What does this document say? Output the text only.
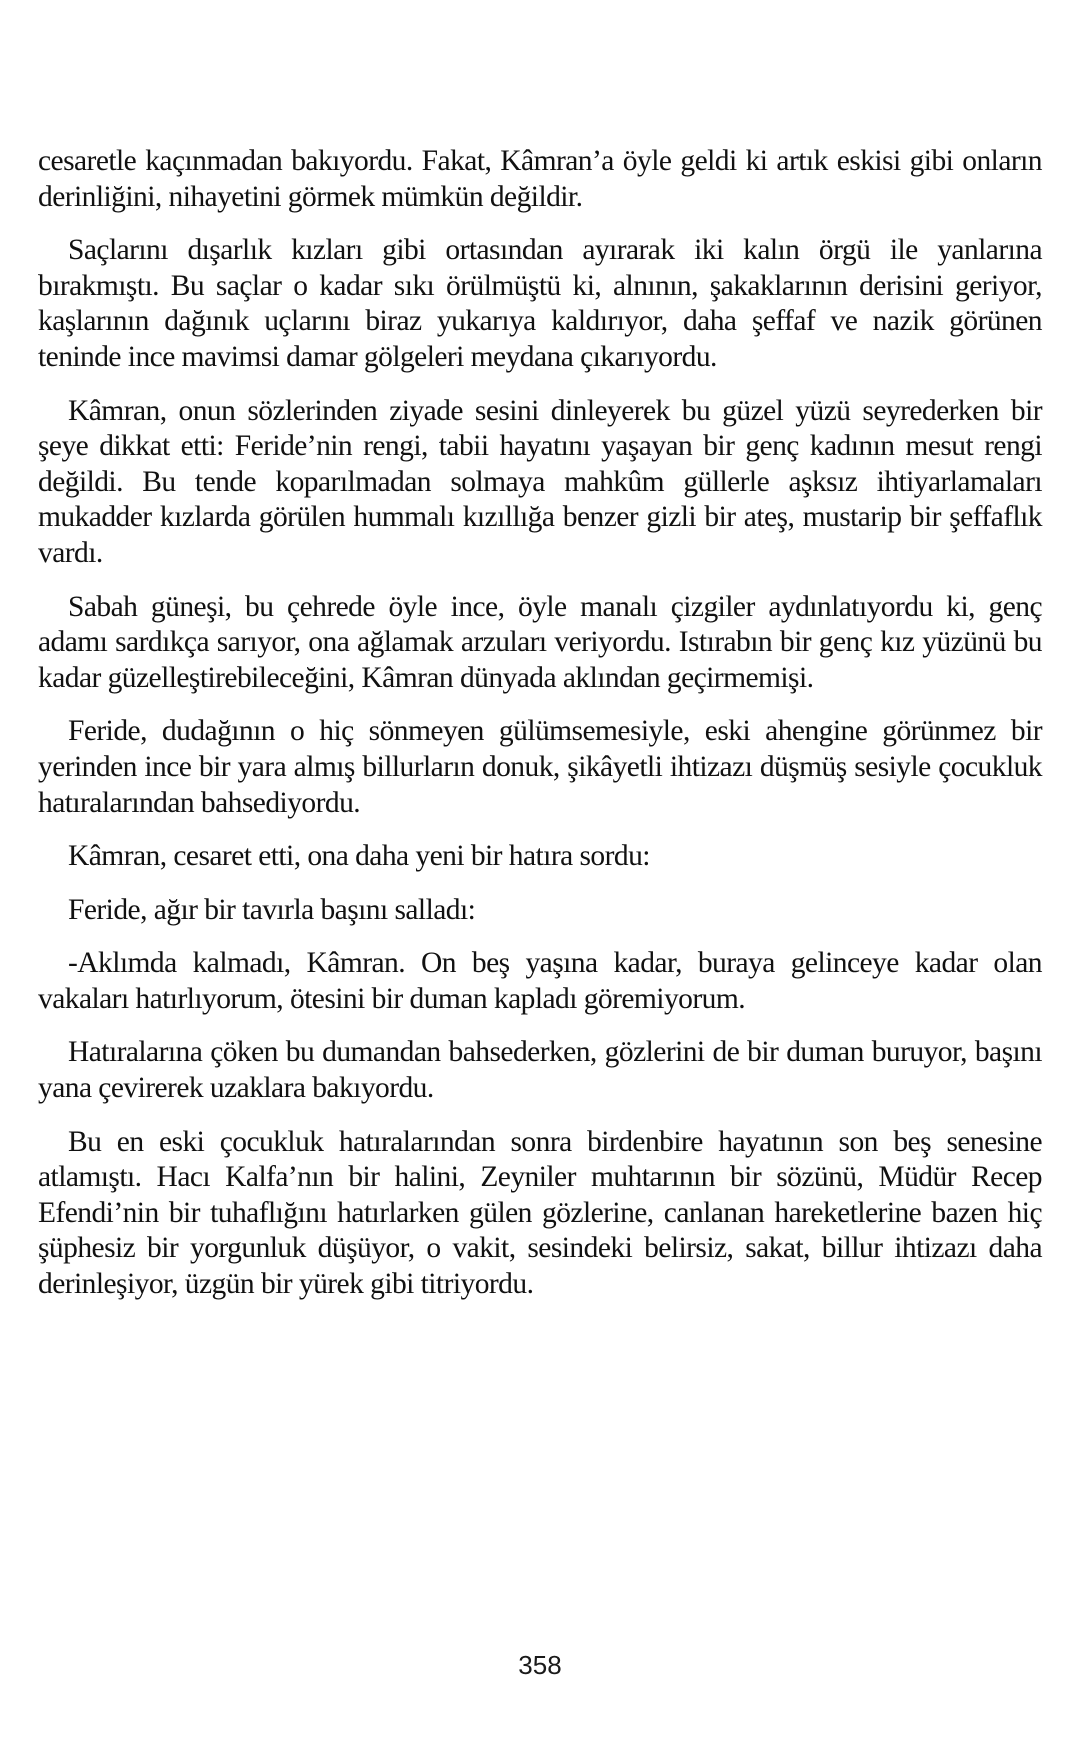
cesaretle kaçınmadan bakıyordu. Fakat, Kâmran’a öyle geldi ki artık eskisi gibi onların derinliğini, nihayetini görmek mümkün değildir.

Saçlarını dışarlık kızları gibi ortasından ayırarak iki kalın örgü ile yanlarına bırakmıştı. Bu saçlar o kadar sıkı örülmüştü ki, alnının, şakaklarının derisini geriyor, kaşlarının dağınık uçlarını biraz yukarıya kaldırıyor, daha şeffaf ve nazik görünen teninde ince mavimsi damar gölgeleri meydana çıkarıyordu.

Kâmran, onun sözlerinden ziyade sesini dinleyerek bu güzel yüzü seyrederken bir şeye dikkat etti: Feride’nin rengi, tabii hayatını yaşayan bir genç kadının mesut rengi değildi. Bu tende koparılmadan solmaya mahkûm güllerle aşksız ihtiyarlamaları mukadder kızlarda görülen hummalı kızıllığa benzer gizli bir ateş, mustarip bir şeffaflık vardı.

Sabah güneşi, bu çehrede öyle ince, öyle manalı çizgiler aydınlatıyordu ki, genç adamı sardıkça sarıyor, ona ağlamak arzuları veriyordu. Istırabın bir genç kız yüzünü bu kadar güzelleştirebileceğini, Kâmran dünyada aklından geçirmemişi.

Feride, dudağının o hiç sönmeyen gülümsemesiyle, eski ahengine görünmez bir yerinden ince bir yara almış billurların donuk, şikâyetli ihtizazı düşmüş sesiyle çocukluk hatıralarından bahsediyordu.

Kâmran, cesaret etti, ona daha yeni bir hatıra sordu:

Feride, ağır bir tavırla başını salladı:

-Aklımda kalmadı, Kâmran. On beş yaşına kadar, buraya gelinceye kadar olan vakaları hatırlıyorum, ötesini bir duman kapladı göremiyorum.

Hatıralarına çöken bu dumandan bahsederken, gözlerini de bir duman buruyor, başını yana çevirerek uzaklara bakıyordu.

Bu en eski çocukluk hatıralarından sonra birdenbire hayatının son beş senesine atlamıştı. Hacı Kalfa’nın bir halini, Zeyniler muhtarının bir sözünü, Müdür Recep Efendi’nin bir tuhaflığını hatırlarken gülen gözlerine, canlanan hareketlerine bazen hiç şüphesiz bir yorgunluk düşüyor, o vakit, sesindeki belirsiz, sakat, billur ihtizazı daha derinleşiyor, üzgün bir yürek gibi titriyordu.

358
